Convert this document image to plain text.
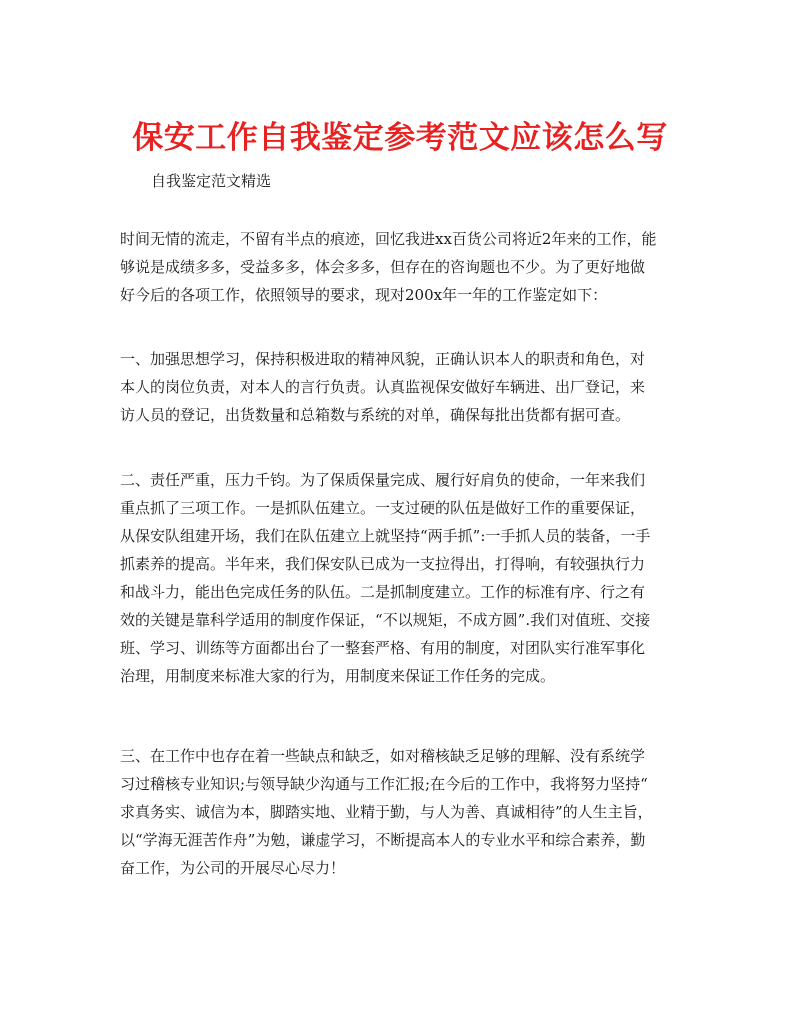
保安工作自我鉴定参考范文应该怎么写
自我鉴定范文精选

时间无情的流走，不留有半点的痕迹，回忆我进xx百货公司将近2年来的工作，能
够说是成绩多多，受益多多，体会多多，但存在的咨询题也不少。为了更好地做
好今后的各项工作，依照领导的要求，现对200x年一年的工作鉴定如下：

一、加强思想学习，保持积极进取的精神风貌，正确认识本人的职责和角色，对
本人的岗位负责，对本人的言行负责。认真监视保安做好车辆进、出厂登记，来
访人员的登记，出货数量和总箱数与系统的对单，确保每批出货都有据可查。

二、责任严重，压力千钧。为了保质保量完成、履行好肩负的使命，一年来我们
重点抓了三项工作。一是抓队伍建立。一支过硬的队伍是做好工作的重要保证，
从保安队组建开场，我们在队伍建立上就坚持“两手抓”:一手抓人员的装备，一手
抓素养的提高。半年来，我们保安队已成为一支拉得出，打得响，有较强执行力
和战斗力，能出色完成任务的队伍。二是抓制度建立。工作的标准有序、行之有
效的关键是靠科学适用的制度作保证，“不以规矩，不成方圆”.我们对值班、交接
班、学习、训练等方面都出台了一整套严格、有用的制度，对团队实行准军事化
治理，用制度来标准大家的行为，用制度来保证工作任务的完成。

三、在工作中也存在着一些缺点和缺乏，如对稽核缺乏足够的理解、没有系统学
习过稽核专业知识;与领导缺少沟通与工作汇报;在今后的工作中，我将努力坚持“
求真务实、诚信为本，脚踏实地、业精于勤，与人为善、真诚相待”的人生主旨，
以“学海无涯苦作舟”为勉，谦虚学习，不断提高本人的专业水平和综合素养，勤
奋工作，为公司的开展尽心尽力！
